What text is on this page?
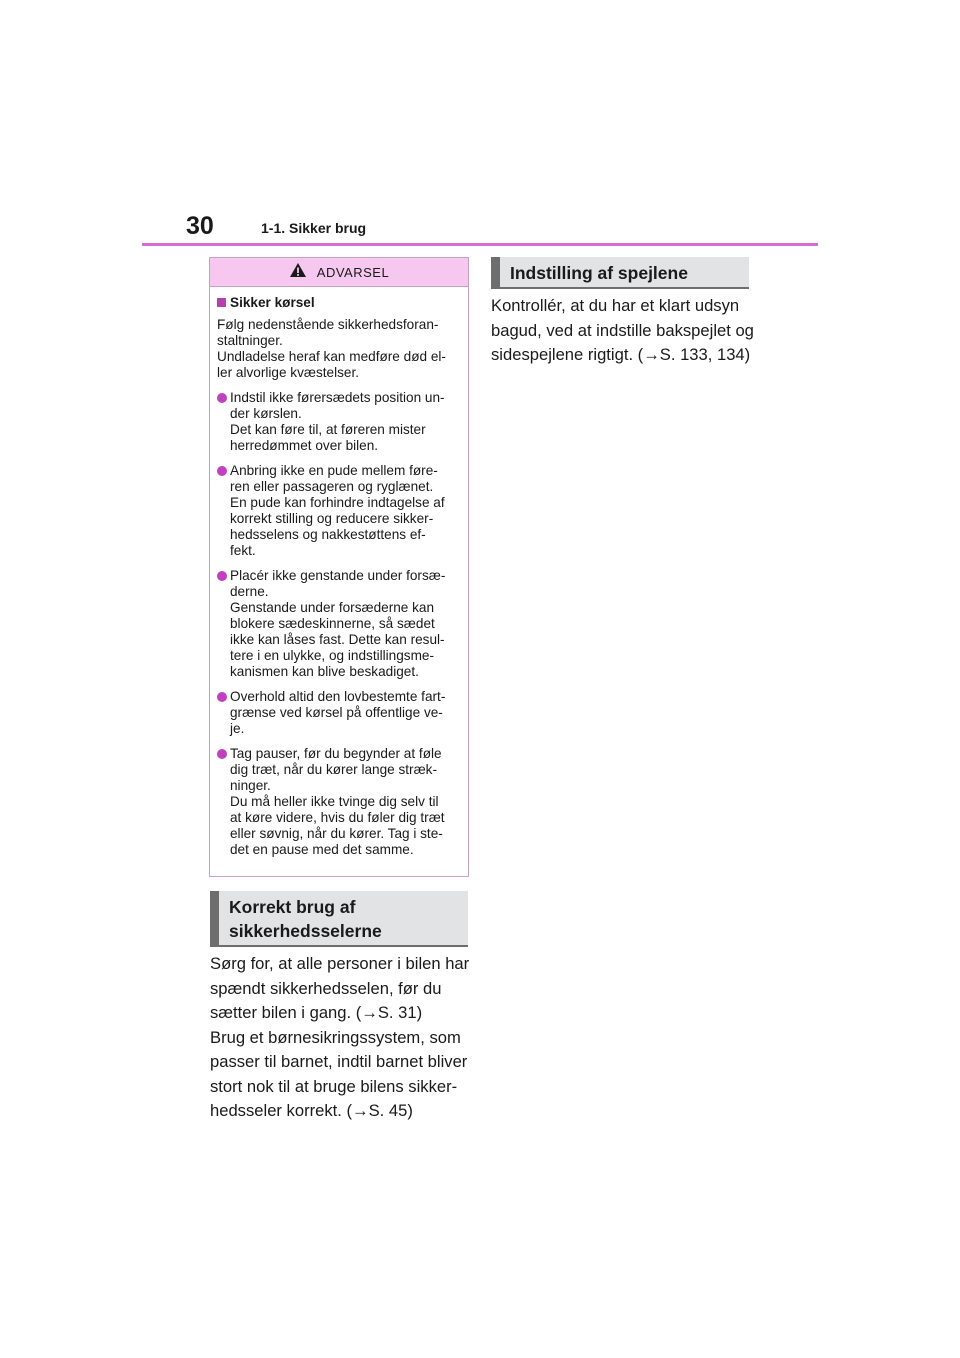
30	1-1. Sikker brug
ADVARSEL
Sikker kørsel
Følg nedenstående sikkerhedsforan-
staltninger.
Undladelse heraf kan medføre død el-
ler alvorlige kvæstelser.
Indstil ikke førersædets position un-
der kørslen.
Det kan føre til, at føreren mister
herredømmet over bilen.
Anbring ikke en pude mellem føre-
ren eller passageren og ryglænet.
En pude kan forhindre indtagelse af
korrekt stilling og reducere sikker-
hedsselens og nakkestøttens ef-
fekt.
Placér ikke genstande under forsæ-
derne.
Genstande under forsæderne kan
blokere sædeskinnerne, så sædet
ikke kan låses fast. Dette kan resul-
tere i en ulykke, og indstillingsme-
kanismen kan blive beskadiget.
Overhold altid den lovbestemte fart-
grænse ved kørsel på offentlige ve-
je.
Tag pauser, før du begynder at føle
dig træt, når du kører lange stræk-
ninger.
Du må heller ikke tvinge dig selv til
at køre videre, hvis du føler dig træt
eller søvnig, når du kører. Tag i ste-
det en pause med det samme.
Korrekt brug af
sikkerhedsselerne
Sørg for, at alle personer i bilen har
spændt sikkerhedsselen, før du
sætter bilen i gang. (→S. 31)
Brug et børnesikringssystem, som
passer til barnet, indtil barnet bliver
stort nok til at bruge bilens sikker-
hedsseler korrekt. (→S. 45)
Indstilling af spejlene
Kontrollér, at du har et klart udsyn
bagud, ved at indstille bakspejlet og
sidespejlene rigtigt. (→S. 133, 134)
